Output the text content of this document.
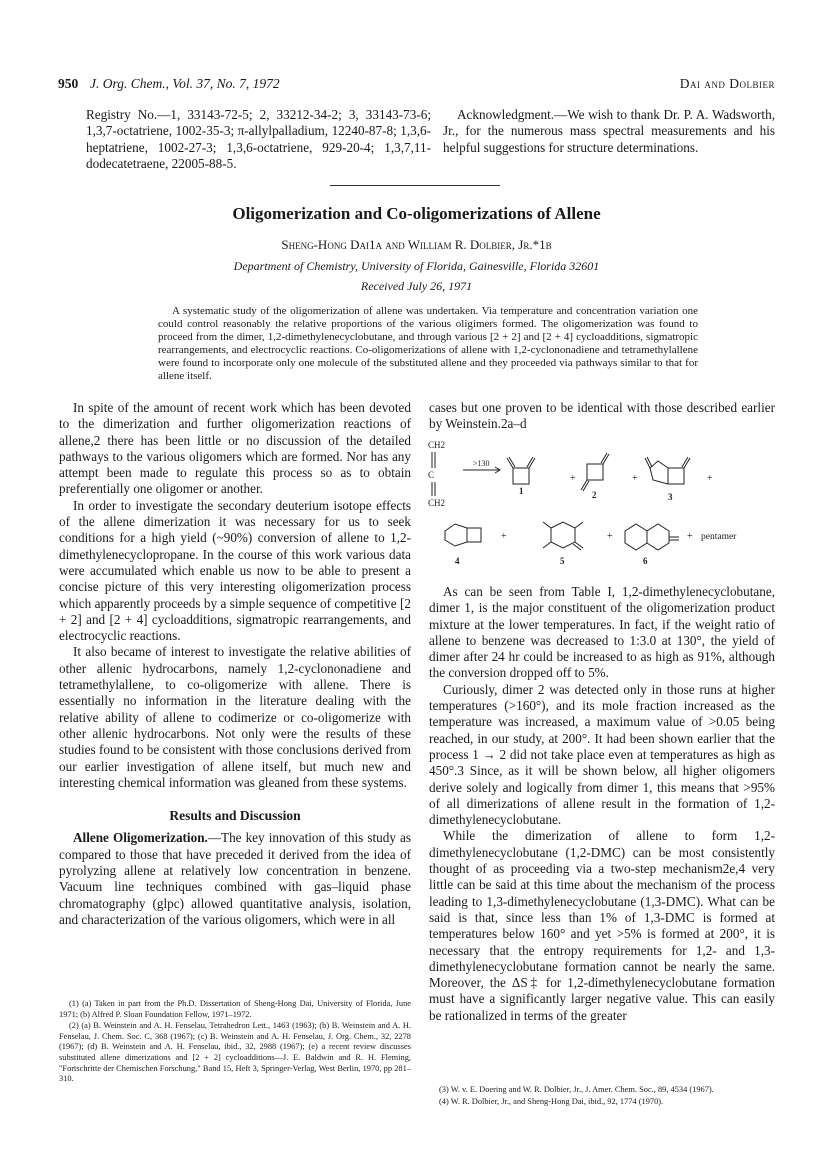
950 J. Org. Chem., Vol. 37, No. 7, 1972	Dai and Dolbier
Registry No.—1, 33143-72-5; 2, 33212-34-2; 3, 33143-73-6; 1,3,7-octatriene, 1002-35-3; π-allylpalladium, 12240-87-8; 1,3,6-heptatriene, 1002-27-3; 1,3,6-octatriene, 929-20-4; 1,3,7,11-dodecatetraene, 22005-88-5.
Acknowledgment.—We wish to thank Dr. P. A. Wadsworth, Jr., for the numerous mass spectral measurements and his helpful suggestions for structure determinations.
Oligomerization and Co-oligomerizations of Allene
Sheng-Hong Dai1a and William R. Dolbier, Jr.*1b
Department of Chemistry, University of Florida, Gainesville, Florida 32601
Received July 26, 1971
A systematic study of the oligomerization of allene was undertaken. Via temperature and concentration variation one could control reasonably the relative proportions of the various oligimers formed. The oligomerization was found to proceed from the dimer, 1,2-dimethylenecyclobutane, and through various [2 + 2] and [2 + 4] cycloadditions, sigmatropic rearrangements, and electrocyclic reactions. Co-oligomerizations of allene with 1,2-cyclononadiene and tetramethylallene were found to incorporate only one molecule of the substituted allene and they proceeded via pathways similar to that for allene itself.

In spite of the amount of recent work which has been devoted to the dimerization and further oligomerization reactions of allene,2 there has been little or no discussion of the detailed pathways to the various oligomers which are formed. Nor has any attempt been made to regulate this process so as to obtain preferentially one oligomer or another.

In order to investigate the secondary deuterium isotope effects of the allene dimerization it was necessary for us to seek conditions for a high yield (~90%) conversion of allene to 1,2-dimethylenecyclopropane. In the course of this work various data were accumulated which enable us now to be able to present a concise picture of this very interesting oligomerization process which apparently proceeds by a simple sequence of competitive [2 + 2] and [2 + 4] cycloadditions, sigmatropic rearrangements, and electrocyclic reactions.

It also became of interest to investigate the relative abilities of other allenic hydrocarbons, namely 1,2-cyclononadiene and tetramethylallene, to co-oligomerize with allene. There is essentially no information in the literature dealing with the relative ability of allene to codimerize or co-oligomerize with other allenic hydrocarbons. Not only were the results of these studies found to be consistent with those conclusions derived from our earlier investigation of allene itself, but much new and interesting chemical information was gleaned from these systems.

Results and Discussion

Allene Oligomerization.—The key innovation of this study as compared to those that have preceded it derived from the idea of pyrolyzing allene at relatively low concentration in benzene. Vacuum line techniques combined with gas–liquid phase chromatography (glpc) allowed quantitative analysis, isolation, and characterization of the various oligomers, which were in all

(1) (a) Taken in part from the Ph.D. Dissertation of Sheng-Hong Dai, University of Florida, June 1971; (b) Alfred P. Sloan Foundation Fellow, 1971–1972.

(2) (a) B. Weinstein and A. H. Fenselau, Tetrahedron Lett., 1463 (1963); (b) B. Weinstein and A. H. Fenselau, J. Chem. Soc. C, 368 (1967); (c) B. Weinstein and A. H. Fenselau, J. Org. Chem., 32, 2278 (1967); (d) B. Weinstein and A. H. Fenselau, ibid., 32, 2988 (1967); (e) a recent review discusses substituted allene dimerizations and [2 + 2] cycloadditions—J. E. Baldwin and R. H. Fleming, "Fortschritte der Chemischen Forschung," Band 15, Heft 3, Springer-Verlag, West Berlin, 1970, pp 281–310.

cases but one proven to be identical with those described earlier by Weinstein.2a–d

CH2
C
CH2
>130
+	+	+
+	+	+ pentamer
1	2	3
4	5	6

As can be seen from Table I, 1,2-dimethylenecyclobutane, dimer 1, is the major constituent of the oligomerization product mixture at the lower temperatures. In fact, if the weight ratio of allene to benzene was decreased to 1:3.0 at 130°, the yield of dimer after 24 hr could be increased to as high as 91%, although the conversion dropped off to 5%.

Curiously, dimer 2 was detected only in those runs at higher temperatures (>160°), and its mole fraction increased as the temperature was increased, a maximum value of >0.05 being reached, in our study, at 200°. It had been shown earlier that the process 1 → 2 did not take place even at temperatures as high as 450°.3 Since, as it will be shown below, all higher oligomers derive solely and logically from dimer 1, this means that >95% of all dimerizations of allene result in the formation of 1,2-dimethylenecyclobutane.

While the dimerization of allene to form 1,2-dimethylenecyclobutane (1,2-DMC) can be most consistently thought of as proceeding via a two-step mechanism2e,4 very little can be said at this time about the mechanism of the process leading to 1,3-dimethylenecyclobutane (1,3-DMC). What can be said is that, since less than 1% of 1,3-DMC is formed at temperatures below 160° and yet >5% is formed at 200°, it is necessary that the entropy requirements for 1,2- and 1,3-dimethylenecyclobutane formation cannot be nearly the same. Moreover, the ΔS‡ for 1,2-dimethylenecyclobutane formation must have a significantly larger negative value. This can easily be rationalized in terms of the greater

(3) W. v. E. Doering and W. R. Dolbier, Jr., J. Amer. Chem. Soc., 89, 4534 (1967).

(4) W. R. Dolbier, Jr., and Sheng-Hong Dai, ibid., 92, 1774 (1970).
